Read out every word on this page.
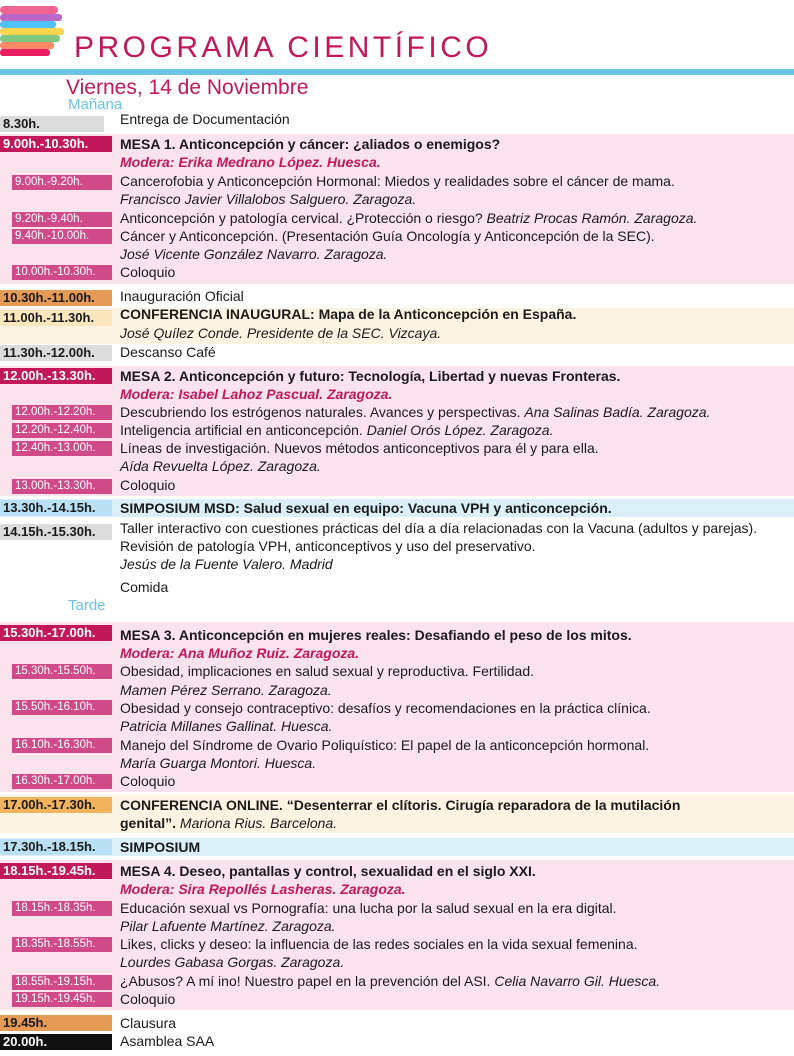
PROGRAMA CIENTÍFICO
Viernes, 14 de Noviembre
Mañana
8.30h.	Entrega de Documentación
9.00h.-10.30h.	MESA 1. Anticoncepción y cáncer: ¿aliados o enemigos?
Modera: Erika Medrano López. Huesca.
9.00h.-9.20h.	Cancerofobia y Anticoncepción Hormonal: Miedos y realidades sobre el cáncer de mama.
Francisco Javier Villalobos Salguero. Zaragoza.
9.20h.-9.40h.	Anticoncepción y patología cervical. ¿Protección o riesgo? Beatriz Procas Ramón. Zaragoza.
9.40h.-10.00h.	Cáncer y Anticoncepción. (Presentación Guía Oncología y Anticoncepción de la SEC).
José Vicente González Navarro. Zaragoza.
10.00h.-10.30h.	Coloquio
10.30h.-11.00h.	Inauguración Oficial
11.00h.-11.30h.	CONFERENCIA INAUGURAL: Mapa de la Anticoncepción en España.
José Quílez Conde. Presidente de la SEC. Vizcaya.
11.30h.-12.00h.	Descanso Café
12.00h.-13.30h.	MESA 2. Anticoncepción y futuro: Tecnología, Libertad y nuevas Fronteras.
Modera: Isabel Lahoz Pascual. Zaragoza.
12.00h.-12.20h.	Descubriendo los estrógenos naturales. Avances y perspectivas. Ana Salinas Badía. Zaragoza.
12.20h.-12.40h.	Inteligencia artificial en anticoncepción. Daniel Orós López. Zaragoza.
12.40h.-13.00h.	Líneas de investigación. Nuevos métodos anticonceptivos para él y para ella.
Aída Revuelta López. Zaragoza.
13.00h.-13.30h.	Coloquio
13.30h.-14.15h.	SIMPOSIUM MSD: Salud sexual en equipo: Vacuna VPH y anticoncepción.
14.15h.-15.30h.	Taller interactivo con cuestiones prácticas del día a día relacionadas con la Vacuna (adultos y parejas). Revisión de patología VPH, anticonceptivos y uso del preservativo.
Jesús de la Fuente Valero. Madrid
Comida
Tarde
15.30h.-17.00h.	MESA 3. Anticoncepción en mujeres reales: Desafiando el peso de los mitos.
Modera: Ana Muñoz Ruiz. Zaragoza.
15.30h.-15.50h.	Obesidad, implicaciones en salud sexual y reproductiva. Fertilidad.
Mamen Pérez Serrano. Zaragoza.
15.50h.-16.10h.	Obesidad y consejo contraceptivo: desafíos y recomendaciones en la práctica clínica.
Patricia Millanes Gallinat. Huesca.
16.10h.-16.30h.	Manejo del Síndrome de Ovario Poliquístico: El papel de la anticoncepción hormonal.
María Guarga Montori. Huesca.
16.30h.-17.00h.	Coloquio
17.00h.-17.30h.	CONFERENCIA ONLINE. “Desenterrar el clítoris. Cirugía reparadora de la mutilación
genital”. Mariona Rius. Barcelona.
17.30h.-18.15h.	SIMPOSIUM
18.15h.-19.45h.	MESA 4. Deseo, pantallas y control, sexualidad en el siglo XXI.
Modera: Sira Repollés Lasheras. Zaragoza.
18.15h.-18.35h.	Educación sexual vs Pornografía: una lucha por la salud sexual en la era digital.
Pilar Lafuente Martínez. Zaragoza.
18.35h.-18.55h.	Likes, clicks y deseo: la influencia de las redes sociales en la vida sexual femenina.
Lourdes Gabasa Gorgas. Zaragoza.
18.55h.-19.15h.	¿Abusos? A mí ino! Nuestro papel en la prevención del ASI. Celia Navarro Gil. Huesca.
19.15h.-19.45h.	Coloquio
19.45h.	Clausura
20.00h.	Asamblea SAA
